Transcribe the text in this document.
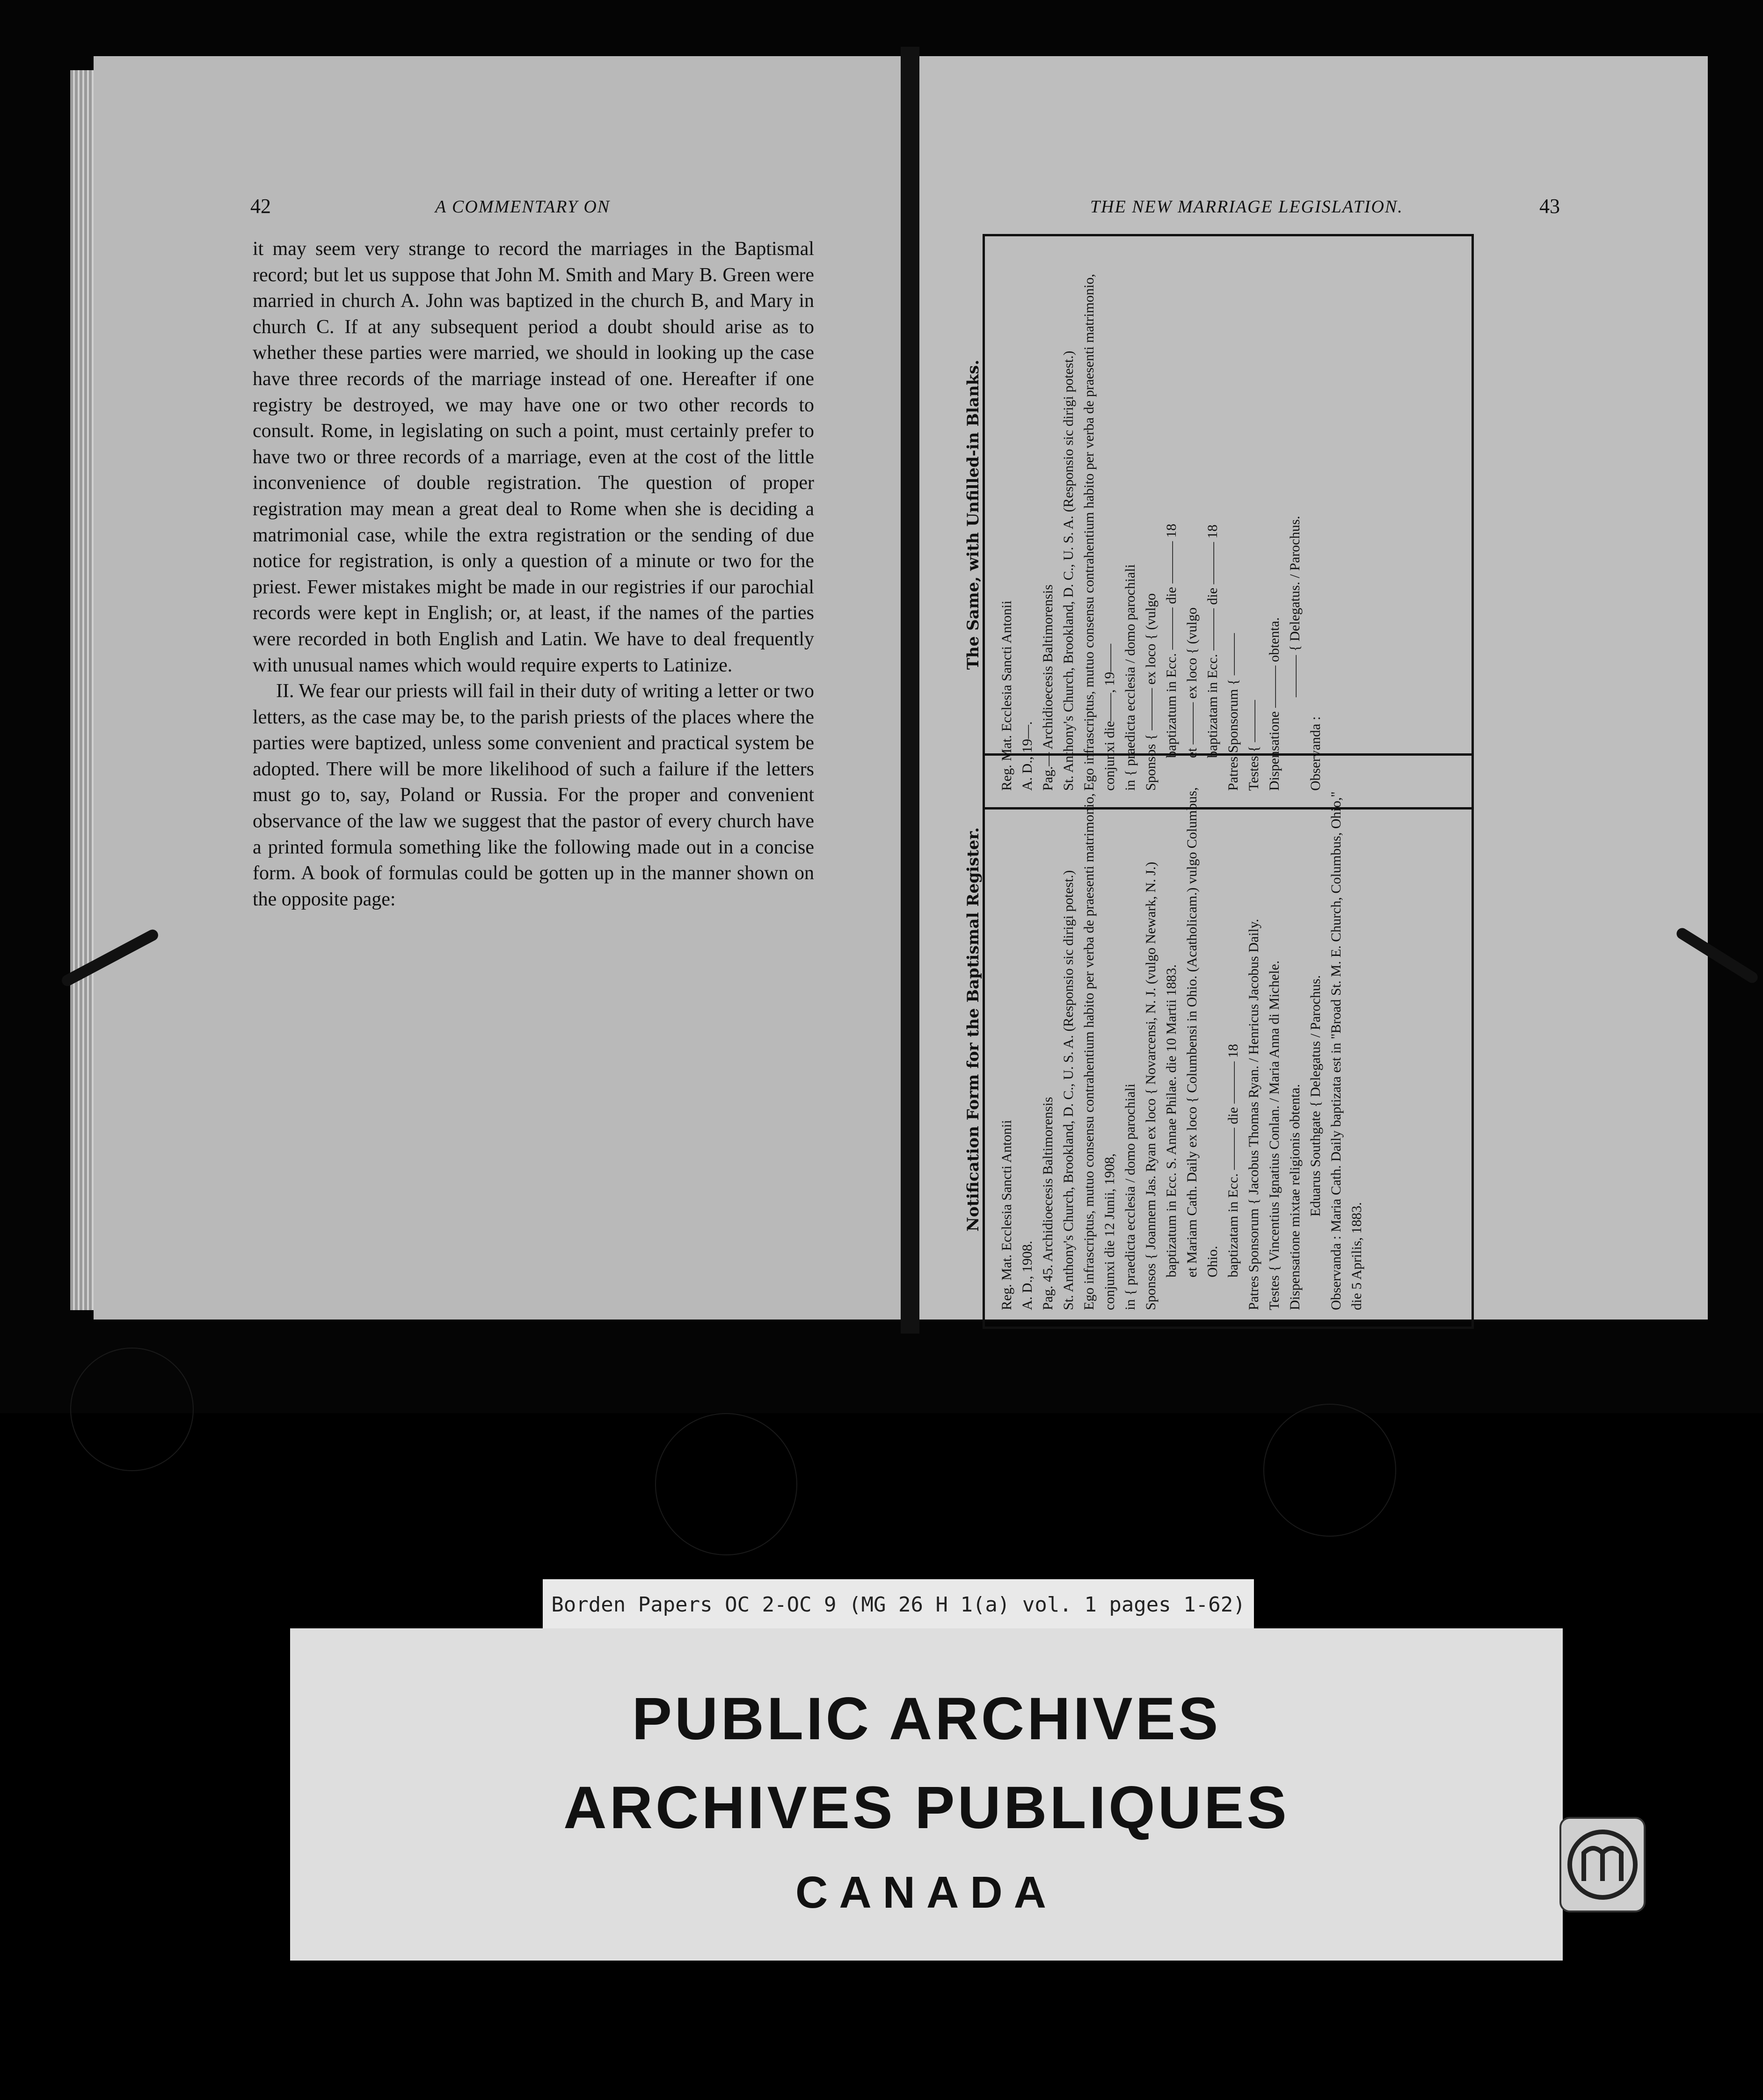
42	A COMMENTARY ON

it may seem very strange to record the marriages in the Baptismal record; but let us suppose that John M. Smith and Mary B. Green were married in church A. John was baptized in the church B, and Mary in church C. If at any subsequent period a doubt should arise as to whether these parties were married, we should in looking up the case have three records of the marriage instead of one. Hereafter if one registry be destroyed, we may have one or two other records to consult. Rome, in legislating on such a point, must certainly prefer to have two or three records of a marriage, even at the cost of the little inconvenience of double registration. The question of proper registration may mean a great deal to Rome when she is deciding a matrimonial case, while the extra registration or the sending of due notice for registration, is only a question of a minute or two for the priest. Fewer mistakes might be made in our registries if our parochial records were kept in English; or, at least, if the names of the parties were recorded in both English and Latin. We have to deal frequently with unusual names which would require experts to Latinize.

II. We fear our priests will fail in their duty of writing a letter or two letters, as the case may be, to the parish priests of the places where the parties were baptized, unless some convenient and practical system be adopted. There will be more likelihood of such a failure if the letters must go to, say, Poland or Russia. For the proper and convenient observance of the law we suggest that the pastor of every church have a printed formula something like the following made out in a concise form. A book of formulas could be gotten up in the manner shown on the opposite page:

THE NEW MARRIAGE LEGISLATION.	43
The Same, with Unfilled-in Blanks.
Reg. Mat. Ecclesia Sancti Antonii A. D., 19—. Pag.— Archidioecesis Baltimorensis St. Anthony's Church, Brookland, D. C., U. S. A. (Responsio sic dirigi potest.) Ego infrascriptus, mutuo consensu contrahentium habito per verba de praesenti matrimonio, conjunxi die——, 19—— in { praedicta ecclesia / domo parochiali Sponsos { ——— ex loco { (vulgo baptizatum in Ecc. ——— die ——— 18 et ——— ex loco { (vulgo baptizatam in Ecc. ——— die ——— 18 Patres Sponsorum { ——— Testes { ——— Dispensatione ——— obtenta.
——— { Delegatus. / Parochus.
Observanda :
Notification Form for the Baptismal Register. Reg. Mat. Ecclesia Sancti Antonii A. D., 1908. Pag. 45. Archidioecesis Baltimorensis St. Anthony's Church, Brookland, D. C., U. S. A. (Responsio sic dirigi potest.) Ego infrascriptus, mutuo consensu contrahentium habito per verba de praesenti matrimonio, conjunxi die 12 Junii, 1908, in { praedicta ecclesia / domo parochiali Sponsos { Joannem Jas. Ryan ex loco { Novarcensi, N. J. (vulgo Newark, N. J.) baptizatum in Ecc. S. Annae Philae. die 10 Martii 1883. et Mariam Cath. Daily ex loco { Columbensi in Ohio. (Acatholicam.) vulgo Columbus, Ohio. baptizatam in Ecc. ——— die ——— 18 Patres Sponsorum { Jacobus Thomas Ryan. / Henricus Jacobus Daily. Testes { Vincentius Ignatius Conlan. / Maria Anna di Michele. Dispensatione mixtae religionis obtenta. Eduarus Southgate { Delegatus / Parochus. Observanda : Maria Cath. Daily baptizata est in "Broad St. M. E. Church, Columbus, Ohio," die 5 Aprilis, 1883.
Borden Papers OC 2-OC 9 (MG 26 H 1(a) vol. 1 pages 1-62)
PUBLIC ARCHIVES
ARCHIVES PUBLIQUES
CANADA
